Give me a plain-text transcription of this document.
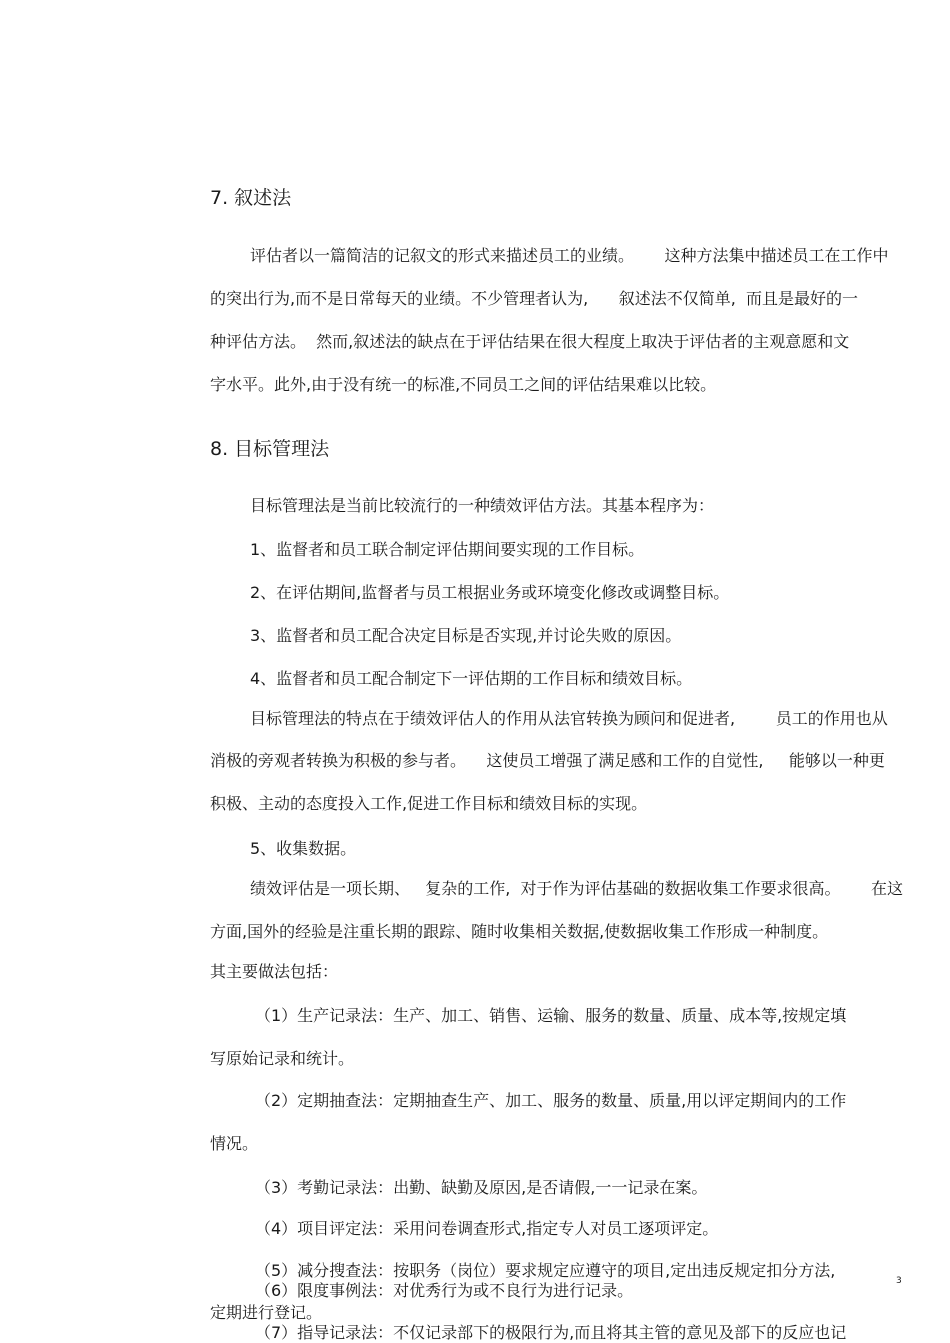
7. 叙述法
评估者以一篇简洁的记叙文的形式来描述员工的业绩。      这种方法集中描述员工在工作中
的突出行为,而不是日常每天的业绩。不少管理者认为,      叙述法不仅简单,  而且是最好的一
种评估方法。  然而,叙述法的缺点在于评估结果在很大程度上取决于评估者的主观意愿和文
字水平。此外,由于没有统一的标准,不同员工之间的评估结果难以比较。
8. 目标管理法
目标管理法是当前比较流行的一种绩效评估方法。其基本程序为：
1、监督者和员工联合制定评估期间要实现的工作目标。
2、在评估期间,监督者与员工根据业务或环境变化修改或调整目标。
3、监督者和员工配合决定目标是否实现,并讨论失败的原因。
4、监督者和员工配合制定下一评估期的工作目标和绩效目标。
目标管理法的特点在于绩效评估人的作用从法官转换为顾问和促进者,        员工的作用也从
消极的旁观者转换为积极的参与者。    这使员工增强了满足感和工作的自觉性,     能够以一种更
积极、主动的态度投入工作,促进工作目标和绩效目标的实现。
5、收集数据。
绩效评估是一项长期、   复杂的工作,  对于作为评估基础的数据收集工作要求很高。      在这
方面,国外的经验是注重长期的跟踪、随时收集相关数据,使数据收集工作形成一种制度。
其主要做法包括：
（1）生产记录法：生产、加工、销售、运输、服务的数量、质量、成本等,按规定填
写原始记录和统计。
（2）定期抽查法：定期抽查生产、加工、服务的数量、质量,用以评定期间内的工作
情况。
（3）考勤记录法：出勤、缺勤及原因,是否请假,一一记录在案。
（4）项目评定法：采用问卷调查形式,指定专人对员工逐项评定。
（5）减分搜查法：按职务（岗位）要求规定应遵守的项目,定出违反规定扣分方法,
（6）限度事例法：对优秀行为或不良行为进行记录。
定期进行登记。
（7）指导记录法：不仅记录部下的极限行为,而且将其主管的意见及部下的反应也记
3
